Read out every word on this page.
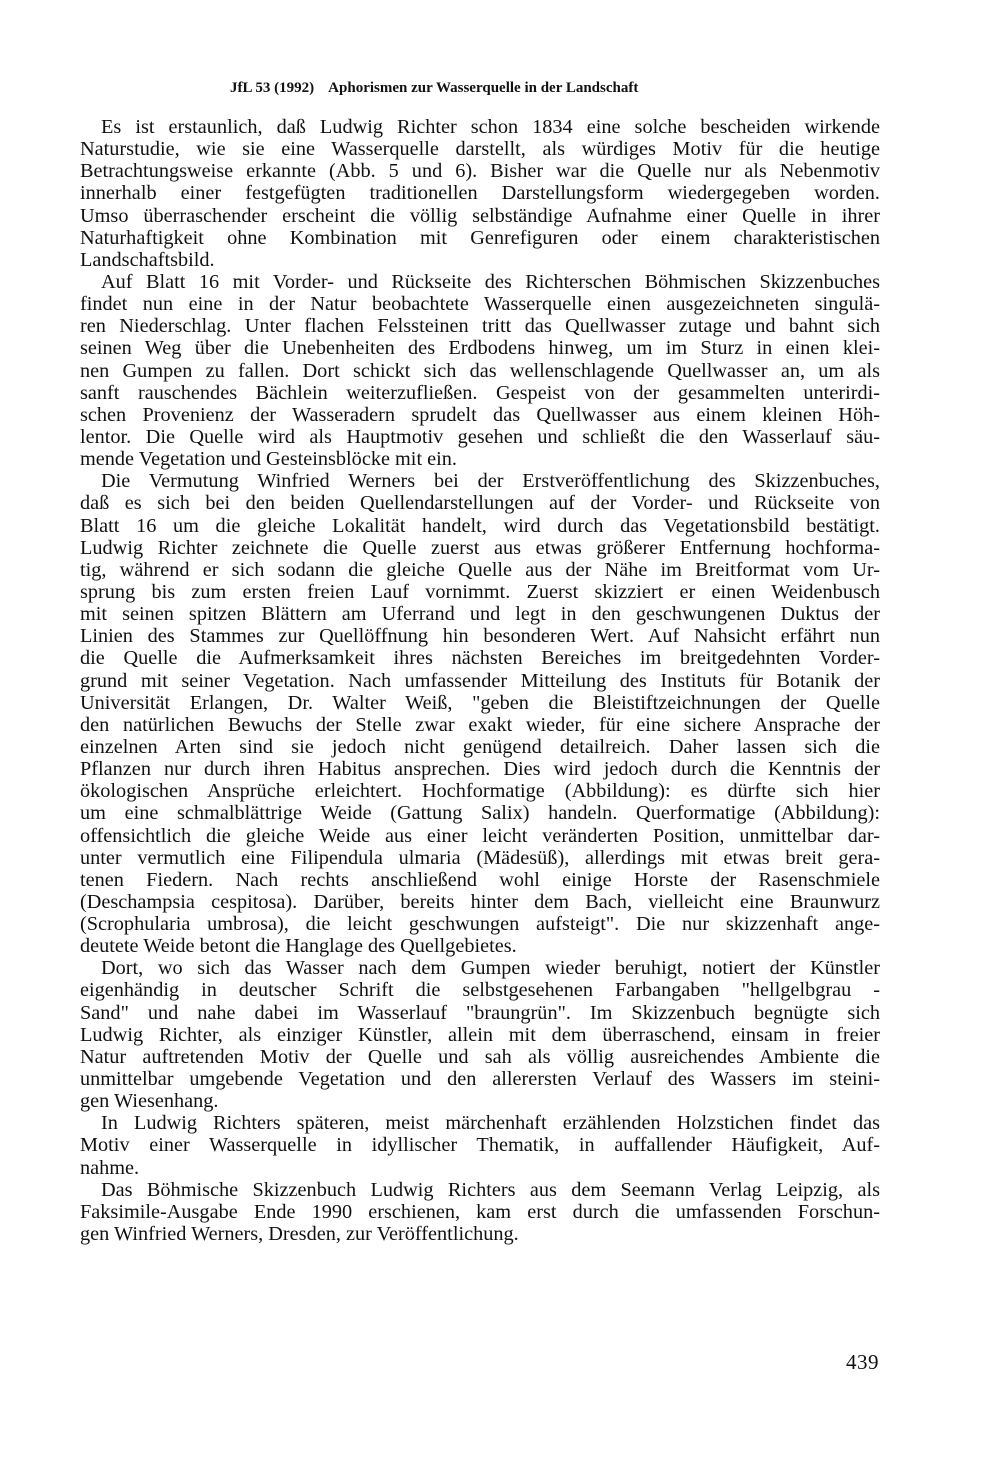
JfL 53 (1992) Aphorismen zur Wasserquelle in der Landschaft
Es ist erstaunlich, daß Ludwig Richter schon 1834 eine solche bescheiden wirkende
Naturstudie, wie sie eine Wasserquelle darstellt, als würdiges Motiv für die heutige
Betrachtungsweise erkannte (Abb. 5 und 6). Bisher war die Quelle nur als Nebenmotiv
innerhalb einer festgefügten traditionellen Darstellungsform wiedergegeben worden.
Umso überraschender erscheint die völlig selbständige Aufnahme einer Quelle in ihrer
Naturhaftigkeit ohne Kombination mit Genrefiguren oder einem charakteristischen
Landschaftsbild.
Auf Blatt 16 mit Vorder- und Rückseite des Richterschen Böhmischen Skizzenbuches
findet nun eine in der Natur beobachtete Wasserquelle einen ausgezeichneten singulä-
ren Niederschlag. Unter flachen Felssteinen tritt das Quellwasser zutage und bahnt sich
seinen Weg über die Unebenheiten des Erdbodens hinweg, um im Sturz in einen klei-
nen Gumpen zu fallen. Dort schickt sich das wellenschlagende Quellwasser an, um als
sanft rauschendes Bächlein weiterzufließen. Gespeist von der gesammelten unterirdi-
schen Provenienz der Wasseradern sprudelt das Quellwasser aus einem kleinen Höh-
lentor. Die Quelle wird als Hauptmotiv gesehen und schließt die den Wasserlauf säu-
mende Vegetation und Gesteinsblöcke mit ein.
Die Vermutung Winfried Werners bei der Erstveröffentlichung des Skizzenbuches,
daß es sich bei den beiden Quellendarstellungen auf der Vorder- und Rückseite von
Blatt 16 um die gleiche Lokalität handelt, wird durch das Vegetationsbild bestätigt.
Ludwig Richter zeichnete die Quelle zuerst aus etwas größerer Entfernung hochforma-
tig, während er sich sodann die gleiche Quelle aus der Nähe im Breitformat vom Ur-
sprung bis zum ersten freien Lauf vornimmt. Zuerst skizziert er einen Weidenbusch
mit seinen spitzen Blättern am Uferrand und legt in den geschwungenen Duktus der
Linien des Stammes zur Quellöffnung hin besonderen Wert. Auf Nahsicht erfährt nun
die Quelle die Aufmerksamkeit ihres nächsten Bereiches im breitgedehnten Vorder-
grund mit seiner Vegetation. Nach umfassender Mitteilung des Instituts für Botanik der
Universität Erlangen, Dr. Walter Weiß, "geben die Bleistiftzeichnungen der Quelle
den natürlichen Bewuchs der Stelle zwar exakt wieder, für eine sichere Ansprache der
einzelnen Arten sind sie jedoch nicht genügend detailreich. Daher lassen sich die
Pflanzen nur durch ihren Habitus ansprechen. Dies wird jedoch durch die Kenntnis der
ökologischen Ansprüche erleichtert. Hochformatige (Abbildung): es dürfte sich hier
um eine schmalblättrige Weide (Gattung Salix) handeln. Querformatige (Abbildung):
offensichtlich die gleiche Weide aus einer leicht veränderten Position, unmittelbar dar-
unter vermutlich eine Filipendula ulmaria (Mädesüß), allerdings mit etwas breit gera-
tenen Fiedern. Nach rechts anschließend wohl einige Horste der Rasenschmiele
(Deschampsia cespitosa). Darüber, bereits hinter dem Bach, vielleicht eine Braunwurz
(Scrophularia umbrosa), die leicht geschwungen aufsteigt". Die nur skizzenhaft ange-
deutete Weide betont die Hanglage des Quellgebietes.
Dort, wo sich das Wasser nach dem Gumpen wieder beruhigt, notiert der Künstler
eigenhändig in deutscher Schrift die selbstgesehenen Farbangaben "hellgelbgrau -
Sand" und nahe dabei im Wasserlauf "braungrün". Im Skizzenbuch begnügte sich
Ludwig Richter, als einziger Künstler, allein mit dem überraschend, einsam in freier
Natur auftretenden Motiv der Quelle und sah als völlig ausreichendes Ambiente die
unmittelbar umgebende Vegetation und den allerersten Verlauf des Wassers im steini-
gen Wiesenhang.
In Ludwig Richters späteren, meist märchenhaft erzählenden Holzstichen findet das
Motiv einer Wasserquelle in idyllischer Thematik, in auffallender Häufigkeit, Auf-
nahme.
Das Böhmische Skizzenbuch Ludwig Richters aus dem Seemann Verlag Leipzig, als
Faksimile-Ausgabe Ende 1990 erschienen, kam erst durch die umfassenden Forschun-
gen Winfried Werners, Dresden, zur Veröffentlichung.
439
